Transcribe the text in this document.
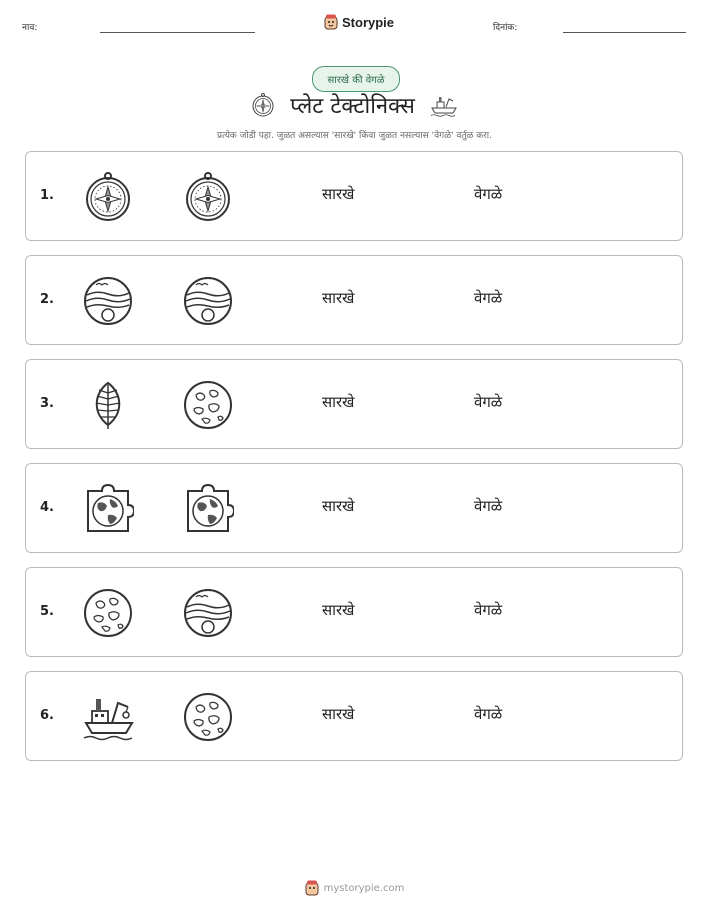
नाव:	Storypie	दिनांक:
सारखे की वेगळे
प्लेट टेक्टोनिक्स
प्रत्येक जोडी पहा. जुळत असल्यास 'सारखे' किंवा जुळत नसल्यास 'वेगळे' वर्तुळ करा.
1.	सारखे	वेगळे
2.	सारखे	वेगळे
3.	सारखे	वेगळे
4.	सारखे	वेगळे
5.	सारखे	वेगळे
6.	सारखे	वेगळे
mystorypie.com
